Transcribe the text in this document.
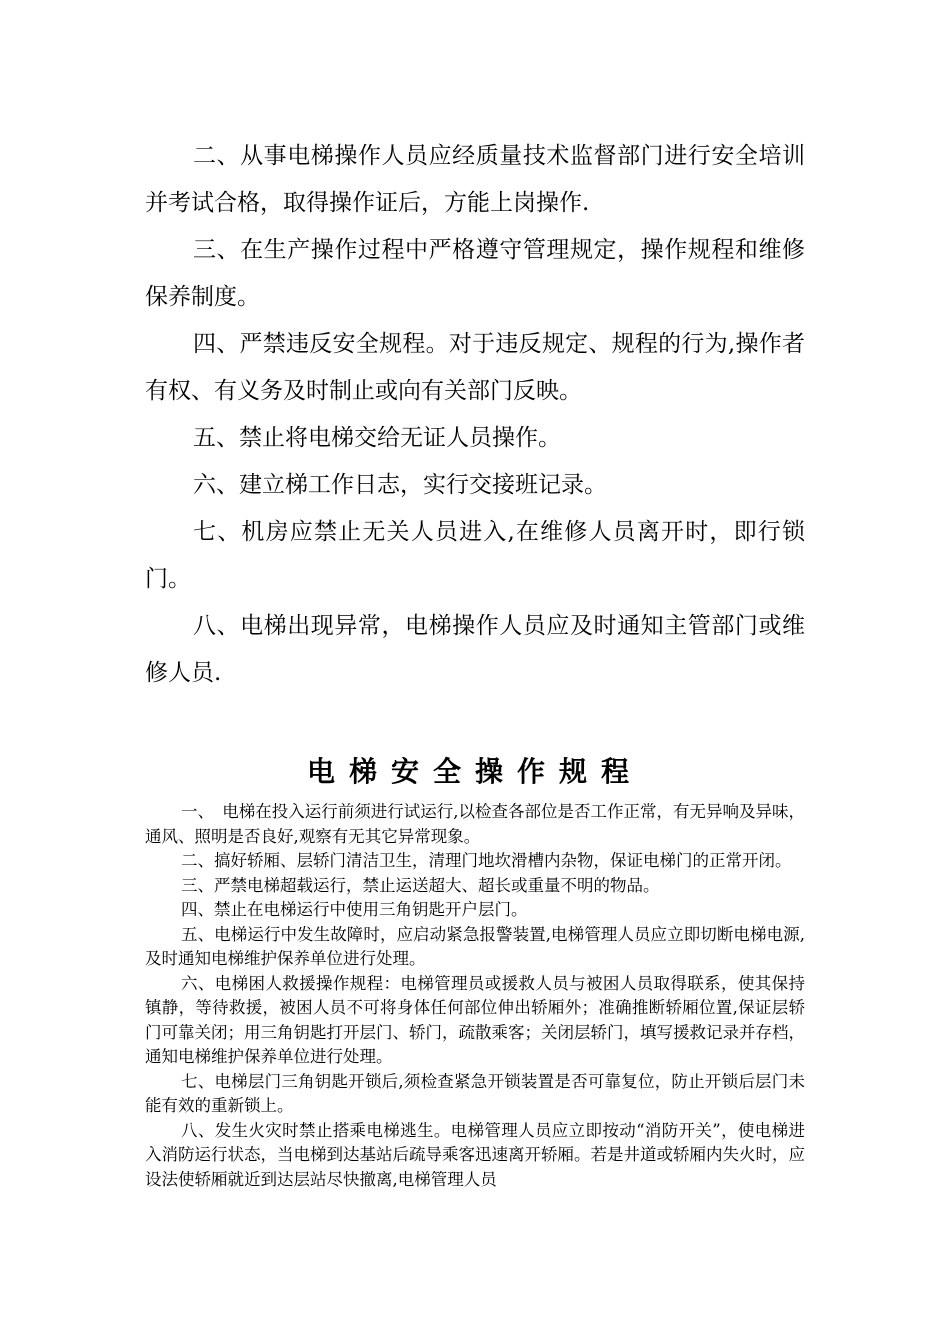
二、从事电梯操作人员应经质量技术监督部门进行安全培训并考试合格，取得操作证后，方能上岗操作.

三、在生产操作过程中严格遵守管理规定，操作规程和维修保养制度。

四、严禁违反安全规程。对于违反规定、规程的行为,操作者有权、有义务及时制止或向有关部门反映。

五、禁止将电梯交给无证人员操作。

六、建立梯工作日志，实行交接班记录。

七、机房应禁止无关人员进入,在维修人员离开时，即行锁门。

八、电梯出现异常，电梯操作人员应及时通知主管部门或维修人员.

电梯安全操作规程

一、　电梯在投入运行前须进行试运行,以检查各部位是否工作正常，有无异响及异味，通风、照明是否良好,观察有无其它异常现象。

二、搞好轿厢、层轿门清洁卫生，清理门地坎滑槽内杂物，保证电梯门的正常开闭。

三、严禁电梯超载运行，禁止运送超大、超长或重量不明的物品。

四、禁止在电梯运行中使用三角钥匙开户层门。

五、电梯运行中发生故障时，应启动紧急报警装置,电梯管理人员应立即切断电梯电源,及时通知电梯维护保养单位进行处理。

六、电梯困人救援操作规程：电梯管理员或援救人员与被困人员取得联系，使其保持镇静，等待救援，被困人员不可将身体任何部位伸出轿厢外；准确推断轿厢位置,保证层轿门可靠关闭；用三角钥匙打开层门、轿门，疏散乘客；关闭层轿门，填写援救记录并存档，通知电梯维护保养单位进行处理。

七、电梯层门三角钥匙开锁后,须检查紧急开锁装置是否可靠复位，防止开锁后层门未能有效的重新锁上。

八、发生火灾时禁止搭乘电梯逃生。电梯管理人员应立即按动“消防开关”，使电梯进入消防运行状态，当电梯到达基站后疏导乘客迅速离开轿厢。若是井道或轿厢内失火时，应设法使轿厢就近到达层站尽快撤离,电梯管理人员
